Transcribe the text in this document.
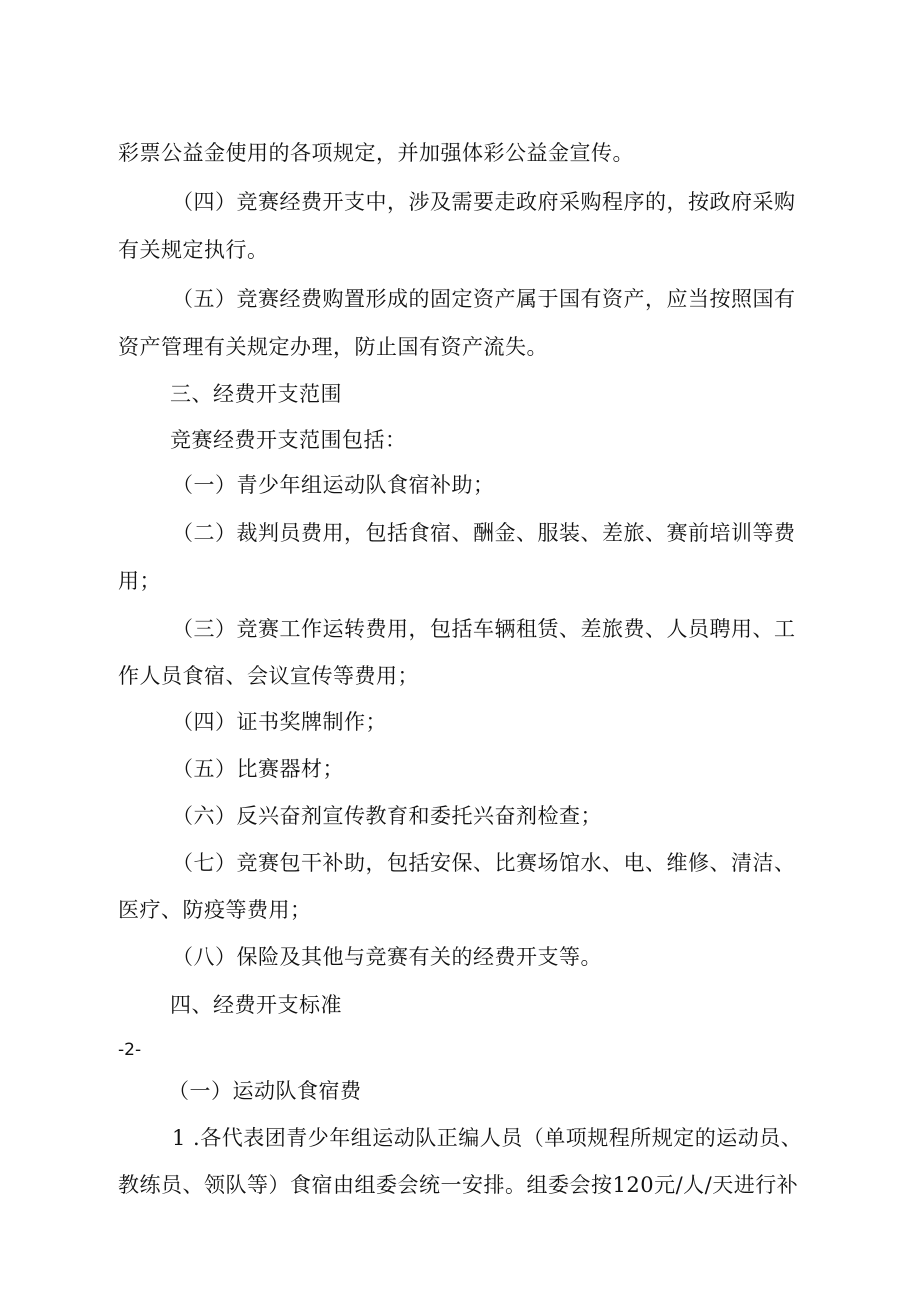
彩票公益金使用的各项规定，并加强体彩公益金宣传。
（四）竞赛经费开支中，涉及需要走政府采购程序的，按政府采购
有关规定执行。
（五）竞赛经费购置形成的固定资产属于国有资产，应当按照国有
资产管理有关规定办理，防止国有资产流失。
三、经费开支范围
竞赛经费开支范围包括：
（一）青少年组运动队食宿补助；
（二）裁判员费用，包括食宿、酬金、服装、差旅、赛前培训等费
用；
（三）竞赛工作运转费用，包括车辆租赁、差旅费、人员聘用、工
作人员食宿、会议宣传等费用；
（四）证书奖牌制作；
（五）比赛器材；
（六）反兴奋剂宣传教育和委托兴奋剂检查；
（七）竞赛包干补助，包括安保、比赛场馆水、电、维修、清洁、
医疗、防疫等费用；
（八）保险及其他与竞赛有关的经费开支等。
四、经费开支标准
-2-
（一）运动队食宿费
1 .各代表团青少年组运动队正编人员（单项规程所规定的运动员、
教练员、领队等）食宿由组委会统一安排。组委会按120元/人/天进行补
